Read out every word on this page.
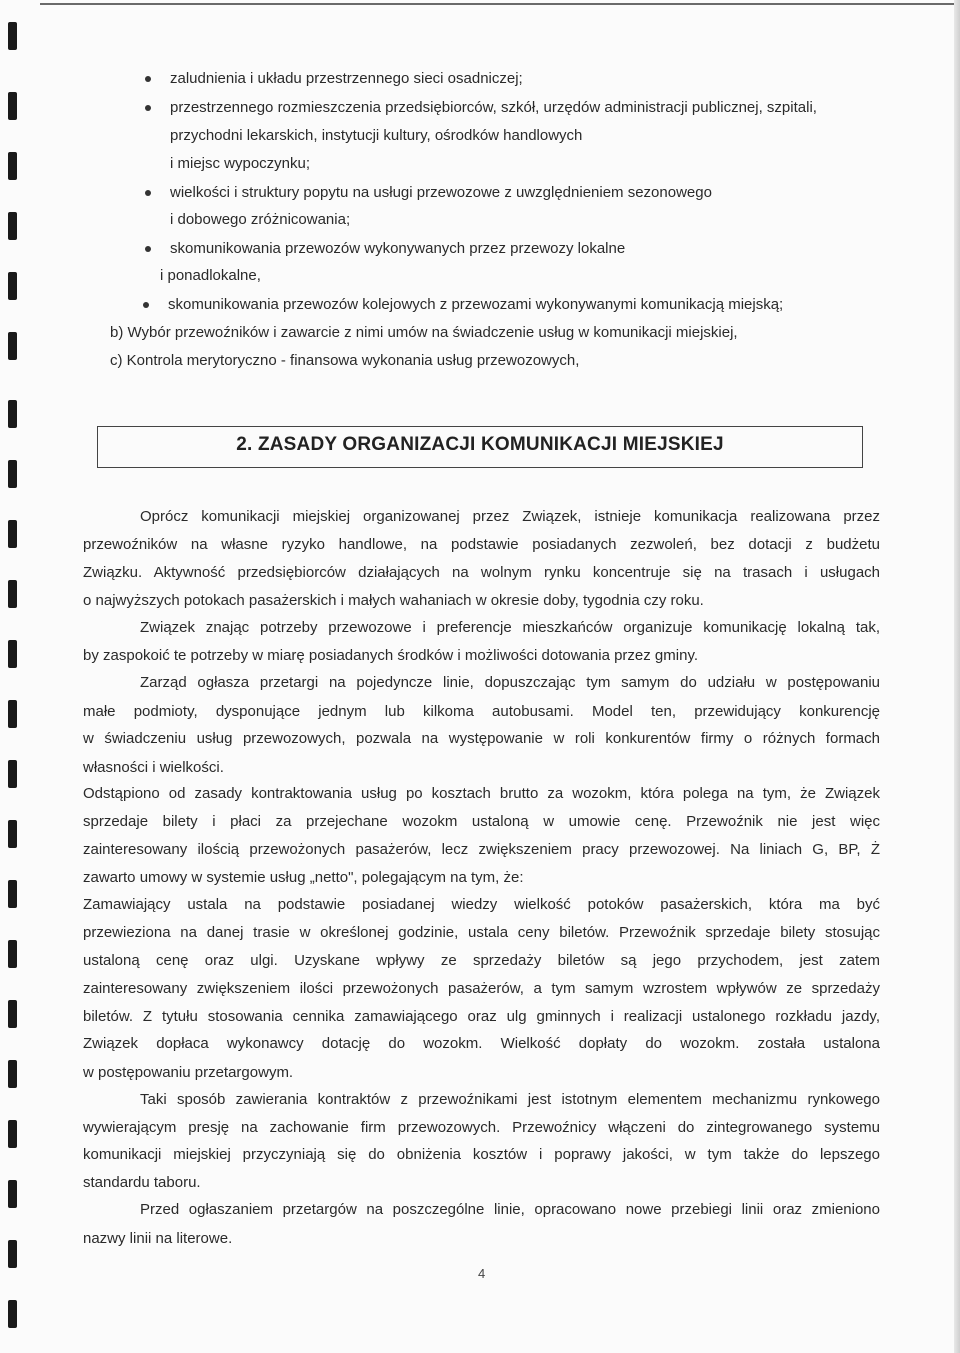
zaludnienia i układu przestrzennego sieci osadniczej;
przestrzennego rozmieszczenia przedsiębiorców, szkół, urzędów administracji publicznej, szpitali,
przychodni lekarskich, instytucji kultury, ośrodków handlowych
i miejsc wypoczynku;
wielkości i struktury popytu na usługi przewozowe z uwzględnieniem sezonowego
i dobowego zróżnicowania;
skomunikowania przewozów wykonywanych przez przewozy lokalne
i ponadlokalne,
skomunikowania przewozów kolejowych z przewozami wykonywanymi komunikacją miejską;
b) Wybór przewoźników i zawarcie z nimi umów na świadczenie usług w komunikacji miejskiej,
c) Kontrola merytoryczno - finansowa wykonania usług przewozowych,
2. ZASADY ORGANIZACJI KOMUNIKACJI MIEJSKIEJ
Oprócz komunikacji miejskiej organizowanej przez Związek, istnieje komunikacja realizowana przez
przewoźników na własne ryzyko handlowe, na podstawie posiadanych zezwoleń, bez dotacji z budżetu
Związku. Aktywność przedsiębiorców działających na wolnym rynku koncentruje się na trasach i usługach
o najwyższych potokach pasażerskich i małych wahaniach w okresie doby, tygodnia czy roku.
Związek znając potrzeby przewozowe i preferencje mieszkańców organizuje komunikację lokalną tak,
by zaspokoić te potrzeby w miarę posiadanych środków i możliwości dotowania przez gminy.
Zarząd ogłasza przetargi na pojedyncze linie, dopuszczając tym samym do udziału w postępowaniu
małe podmioty, dysponujące jednym lub kilkoma autobusami. Model ten, przewidujący konkurencję
w świadczeniu usług przewozowych, pozwala na występowanie w roli konkurentów firmy o różnych formach
własności i wielkości.
Odstąpiono od zasady kontraktowania usług po kosztach brutto za wozokm, która polega na tym, że Związek
sprzedaje bilety i płaci za przejechane wozokm ustaloną w umowie cenę. Przewoźnik nie jest więc
zainteresowany ilością przewożonych pasażerów, lecz zwiększeniem pracy przewozowej. Na liniach G, BP, Ż
zawarto umowy w systemie usług „netto", polegającym na tym, że:
Zamawiający ustala na podstawie posiadanej wiedzy wielkość potoków pasażerskich, która ma być
przewieziona na danej trasie w określonej godzinie, ustala ceny biletów. Przewoźnik sprzedaje bilety stosując
ustaloną cenę oraz ulgi. Uzyskane wpływy ze sprzedaży biletów są jego przychodem, jest zatem
zainteresowany zwiększeniem ilości przewożonych pasażerów, a tym samym wzrostem wpływów ze sprzedaży
biletów. Z tytułu stosowania cennika zamawiającego oraz ulg gminnych i realizacji ustalonego rozkładu jazdy,
Związek dopłaca wykonawcy dotację do wozokm. Wielkość dopłaty do wozokm. została ustalona
w postępowaniu przetargowym.
Taki sposób zawierania kontraktów z przewoźnikami jest istotnym elementem mechanizmu rynkowego
wywierającym presję na zachowanie firm przewozowych. Przewoźnicy włączeni do zintegrowanego systemu
komunikacji miejskiej przyczyniają się do obniżenia kosztów i poprawy jakości, w tym także do lepszego
standardu taboru.
Przed ogłaszaniem przetargów na poszczególne linie, opracowano nowe przebiegi linii oraz zmieniono
nazwy linii na literowe.
4
